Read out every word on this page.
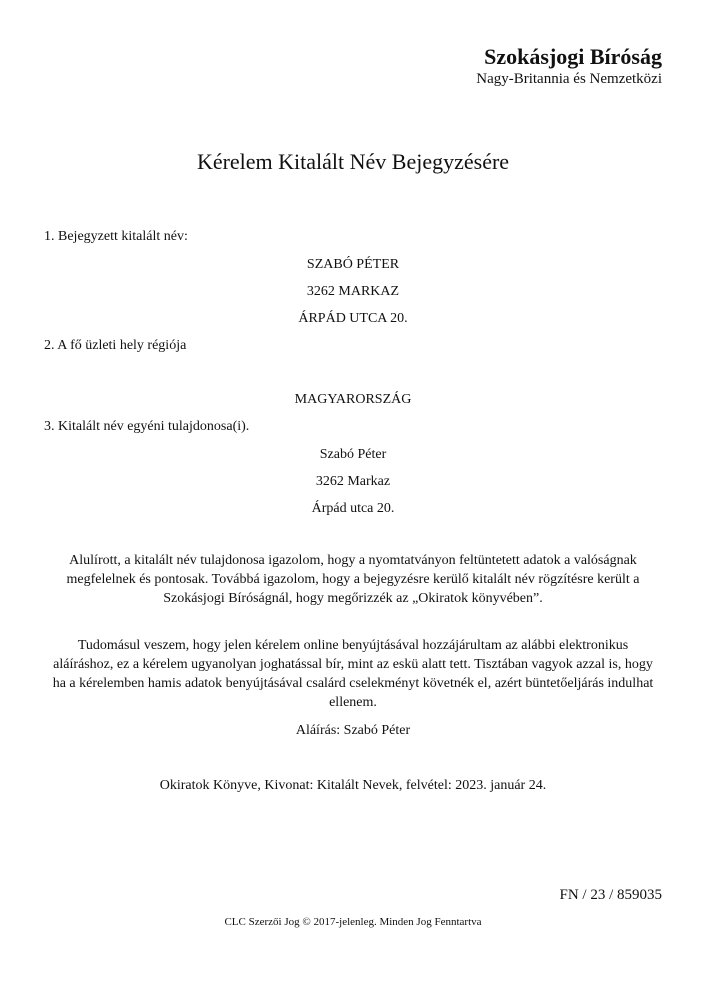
Szokásjogi Bíróság
Nagy-Britannia és Nemzetközi
Kérelem Kitalált Név Bejegyzésére
1. Bejegyzett kitalált név:
SZABÓ PÉTER
3262 MARKAZ
ÁRPÁD UTCA 20.
2. A fő üzleti hely régiója
MAGYARORSZÁG
3. Kitalált név egyéni tulajdonosa(i).
Szabó Péter
3262 Markaz
Árpád utca 20.
Alulírott, a kitalált név tulajdonosa igazolom, hogy a nyomtatványon feltüntetett adatok a valóságnak
megfelelnek és pontosak. Továbbá igazolom, hogy a bejegyzésre kerülő kitalált név rögzítésre került a
Szokásjogi Bíróságnál, hogy megőrizzék az „Okiratok könyvében”.
Tudomásul veszem, hogy jelen kérelem online benyújtásával hozzájárultam az alábbi elektronikus
aláíráshoz, ez a kérelem ugyanolyan joghatással bír, mint az eskü alatt tett. Tisztában vagyok azzal is, hogy
ha a kérelemben hamis adatok benyújtásával csalárd cselekményt követnék el, azért büntetőeljárás indulhat
ellenem.
Aláírás: Szabó Péter
Okiratok Könyve, Kivonat: Kitalált Nevek, felvétel: 2023. január 24.
FN / 23 / 859035
CLC Szerzői Jog © 2017-jelenleg. Minden Jog Fenntartva
